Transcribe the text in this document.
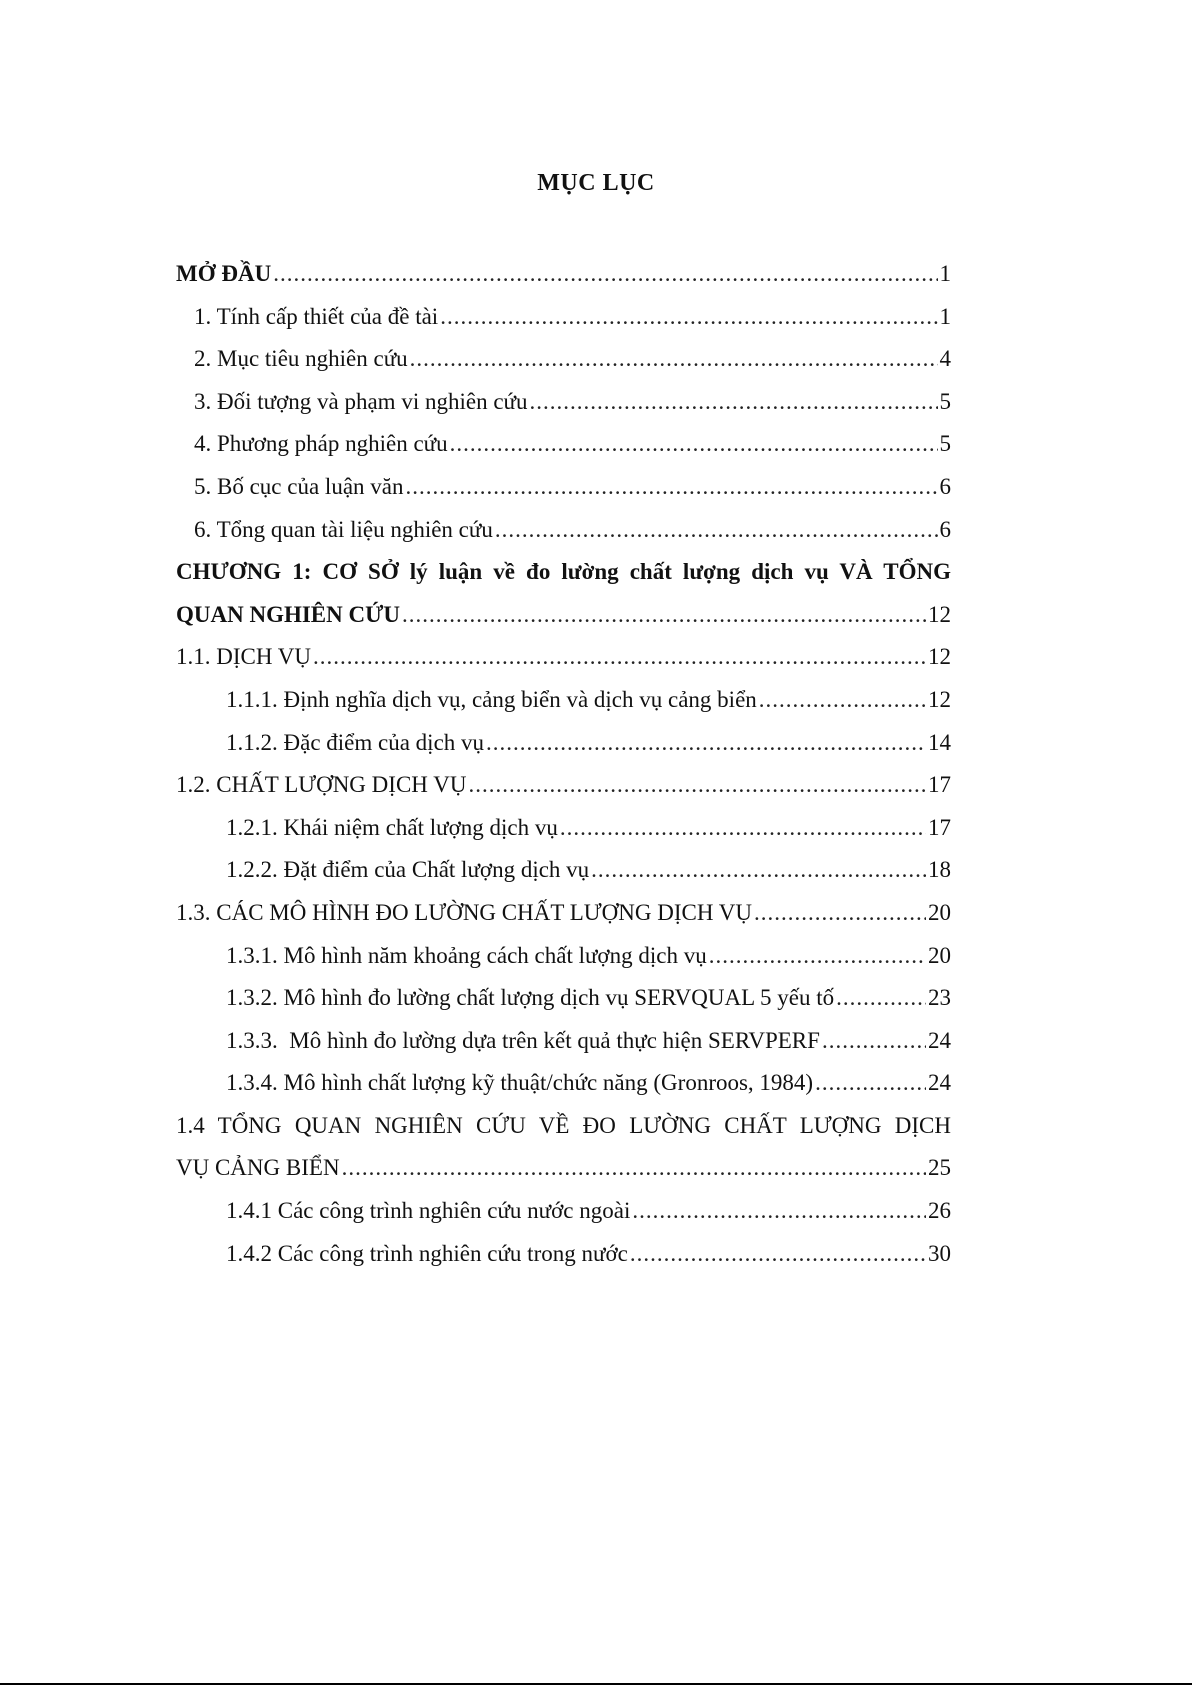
MỤC LỤC
MỞ ĐẦU .....	1
1. Tính cấp thiết của đề tài .....	1
2. Mục tiêu nghiên cứu .....	4
3. Đối tượng và phạm vi nghiên cứu .....	5
4. Phương pháp nghiên cứu .....	5
5. Bố cục của luận văn .....	6
6. Tổng quan tài liệu nghiên cứu .....	6
CHƯƠNG 1: CƠ SỞ lý luận về đo lường chất lượng dịch vụ VÀ TỔNG
QUAN NGHIÊN CỨU .....	12
1.1. DỊCH VỤ .....	12
1.1.1. Định nghĩa dịch vụ, cảng biển và dịch vụ cảng biển .....	12
1.1.2. Đặc điểm của dịch vụ .....	14
1.2. CHẤT LƯỢNG DỊCH VỤ .....	17
1.2.1. Khái niệm chất lượng dịch vụ .....	17
1.2.2. Đặt điểm của Chất lượng dịch vụ .....	18
1.3. CÁC MÔ HÌNH ĐO LƯỜNG CHẤT LƯỢNG DỊCH VỤ .....	20
1.3.1. Mô hình năm khoảng cách chất lượng dịch vụ .....	20
1.3.2. Mô hình đo lường chất lượng dịch vụ SERVQUAL 5 yếu tố .....	23
1.3.3.  Mô hình đo lường dựa trên kết quả thực hiện SERVPERF .....	24
1.3.4. Mô hình chất lượng kỹ thuật/chức năng (Gronroos, 1984) .....	24
1.4 TỔNG QUAN NGHIÊN CỨU VỀ ĐO LƯỜNG CHẤT LƯỢNG DỊCH
VỤ CẢNG BIỂN .....	25
1.4.1 Các công trình nghiên cứu nước ngoài .....	26
1.4.2 Các công trình nghiên cứu trong nước .....	30
